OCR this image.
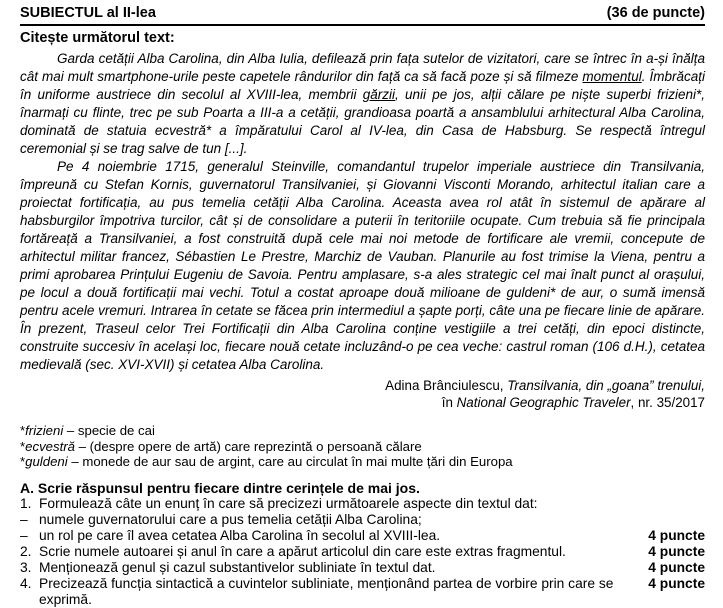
SUBIECTUL al II-lea	(36 de puncte)
Citește următorul text:

Garda cetății Alba Carolina, din Alba Iulia, defilează prin fața sutelor de vizitatori, care se întrec în a-și înălța cât mai mult smartphone-urile peste capetele rândurilor din față ca să facă poze și să filmeze momentul. Îmbrăcați în uniforme austriece din secolul al XVIII-lea, membrii gărzii, unii pe jos, alții călare pe niște superbi frizieni*, înarmați cu flinte, trec pe sub Poarta a III-a a cetății, grandioasa poartă a ansamblului arhitectural Alba Carolina, dominată de statuia ecvestră* a împăratului Carol al IV-lea, din Casa de Habsburg. Se respectă întregul ceremonial și se trag salve de tun [...].

Pe 4 noiembrie 1715, generalul Steinville, comandantul trupelor imperiale austriece din Transilvania, împreună cu Stefan Kornis, guvernatorul Transilvaniei, și Giovanni Visconti Morando, arhitectul italian care a proiectat fortificația, au pus temelia cetății Alba Carolina. Aceasta avea rol atât în sistemul de apărare al habsburgilor împotriva turcilor, cât și de consolidare a puterii în teritoriile ocupate. Cum trebuia să fie principala fortăreață a Transilvaniei, a fost construită după cele mai noi metode de fortificare ale vremii, concepute de arhitectul militar francez, Sébastien Le Prestre, Marchiz de Vauban. Planurile au fost trimise la Viena, pentru a primi aprobarea Prințului Eugeniu de Savoia. Pentru amplasare, s-a ales strategic cel mai înalt punct al orașului, pe locul a două fortificații mai vechi. Totul a costat aproape două milioane de guldeni* de aur, o sumă imensă pentru acele vremuri. Intrarea în cetate se făcea prin intermediul a șapte porți, câte una pe fiecare linie de apărare. În prezent, Traseul celor Trei Fortificații din Alba Carolina conține vestigiile a trei cetăți, din epoci distincte, construite succesiv în același loc, fiecare nouă cetate incluzând-o pe cea veche: castrul roman (106 d.H.), cetatea medievală (sec. XVI-XVII) și cetatea Alba Carolina.

Adina Brânciulescu, Transilvania, din „goana” trenului,
în National Geographic Traveler, nr. 35/2017
*frizieni – specie de cai
*ecvestră – (despre opere de artă) care reprezintă o persoană călare
*guldeni – monede de aur sau de argint, care au circulat în mai multe țări din Europa
A. Scrie răspunsul pentru fiecare dintre cerințele de mai jos.
1. Formulează câte un enunț în care să precizezi următoarele aspecte din textul dat:
– numele guvernatorului care a pus temelia cetății Alba Carolina;
– un rol pe care îl avea cetatea Alba Carolina în secolul al XVIII-lea.	4 puncte
2. Scrie numele autoarei și anul în care a apărut articolul din care este extras fragmentul.	4 puncte
3. Menționează genul și cazul substantivelor subliniate în textul dat.	4 puncte
4. Precizează funcția sintactică a cuvintelor subliniate, menționând partea de vorbire prin care se exprimă.
4 puncte
